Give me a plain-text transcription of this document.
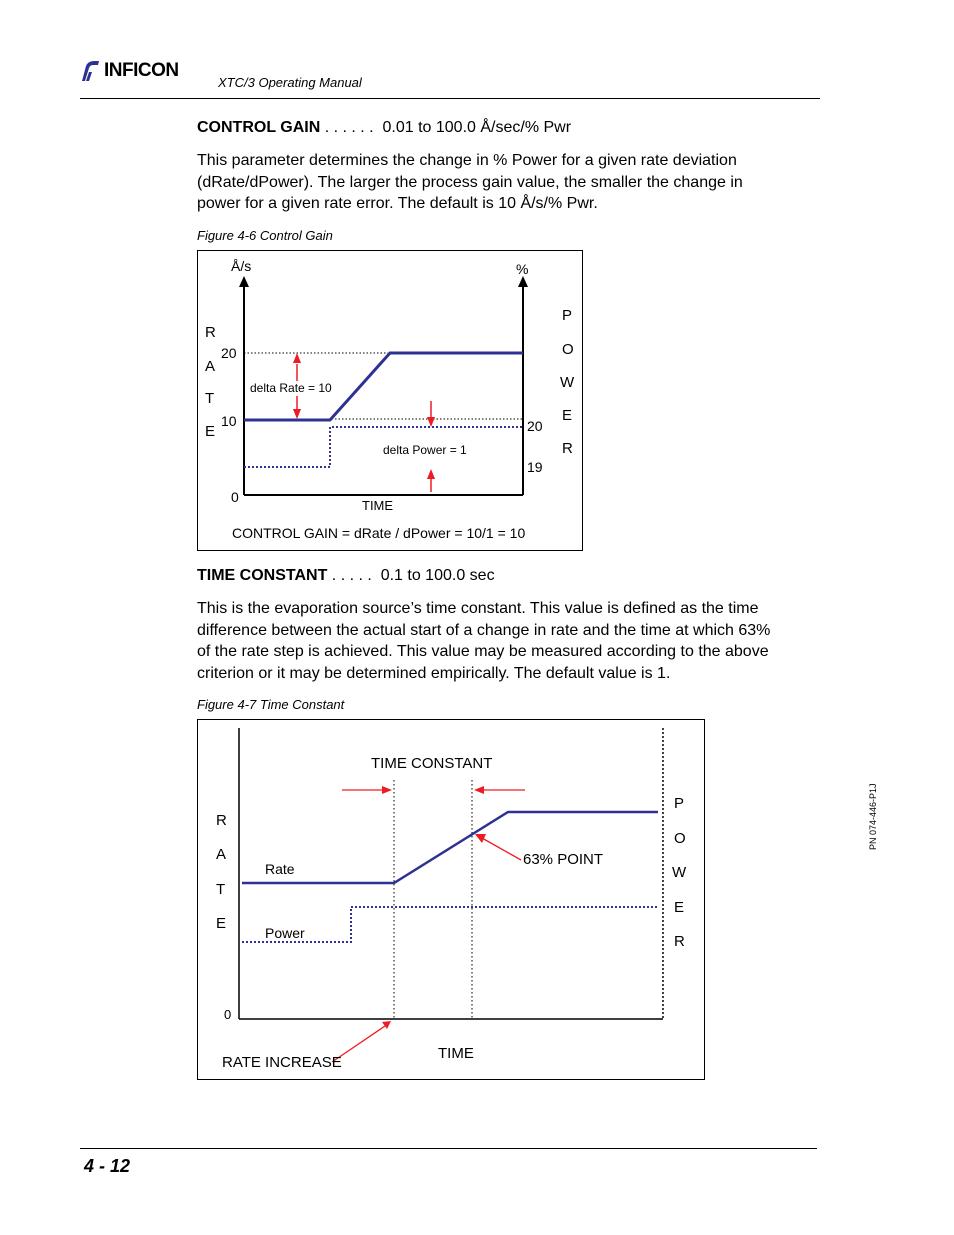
INFICON
XTC/3 Operating Manual
CONTROL GAIN . . . . . .  0.01 to 100.0 Å/sec/% Pwr
This parameter determines the change in % Power for a given rate deviation
(dRate/dPower). The larger the process gain value, the smaller the change in
power for a given rate error. The default is 10 Å/s/% Pwr.
Figure 4-6 Control Gain
Å/s	%
R
A
T
E
P
O
W
E
R
20
10
0
20
19
delta Rate = 10
delta Power = 1
TIME
CONTROL GAIN = dRate / dPower = 10/1 = 10
TIME CONSTANT . . . . .  0.1 to 100.0 sec
This is the evaporation source’s time constant. This value is defined as the time
difference between the actual start of a change in rate and the time at which 63%
of the rate step is achieved. This value may be measured according to the above
criterion or it may be determined empirically. The default value is 1.
Figure 4-7 Time Constant
TIME CONSTANT
R
A
T
E
P
O
W
E
R
Rate
Power
63% POINT
0
RATE INCREASE
TIME
PN 074-446-P1J
4 - 12
